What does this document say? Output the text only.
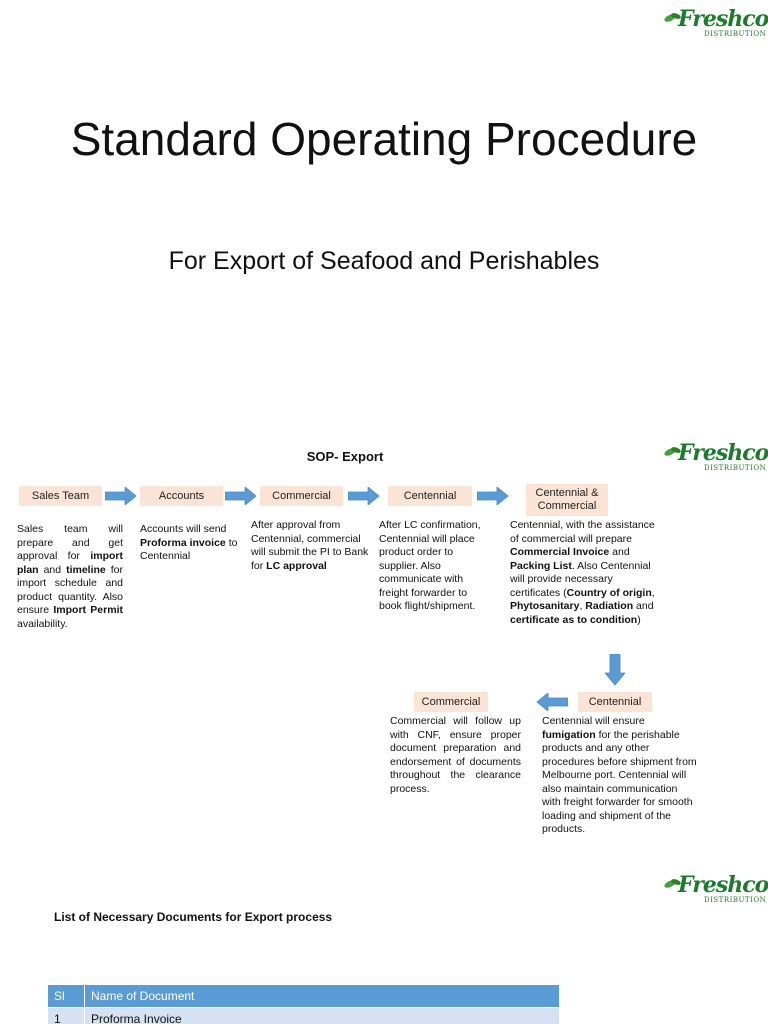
Freshco
DISTRIBUTION
Standard Operating Procedure
For Export of Seafood and Perishables
Freshco
DISTRIBUTION
SOP- Export
Sales Team	Accounts	Commercial	Centennial	Centennial & Commercial
Centennial
Commercial
Sales team will prepare and get approval for import plan and timeline for import schedule and product quantity. Also ensure Import Permit availability.
Accounts will send Proforma invoice to Centennial
After approval from Centennial, commercial will submit the PI to Bank for LC approval
After LC confirmation, Centennial will place product order to supplier. Also communicate with freight forwarder to book flight/shipment.
Centennial, with the assistance of commercial will prepare Commercial Invoice and Packing List. Also Centennial will provide necessary certificates (Country of origin, Phytosanitary, Radiation and certificate as to condition)
Centennial will ensure fumigation for the perishable products and any other procedures before shipment from Melbourne port. Centennial will also maintain communication with freight forwarder for smooth loading and shipment of the products.
Commercial will follow up with CNF, ensure proper document preparation and endorsement of documents throughout the clearance process.
Freshco
DISTRIBUTION
List of Necessary Documents for Export process
Sl	Name of Document
1	Proforma Invoice
